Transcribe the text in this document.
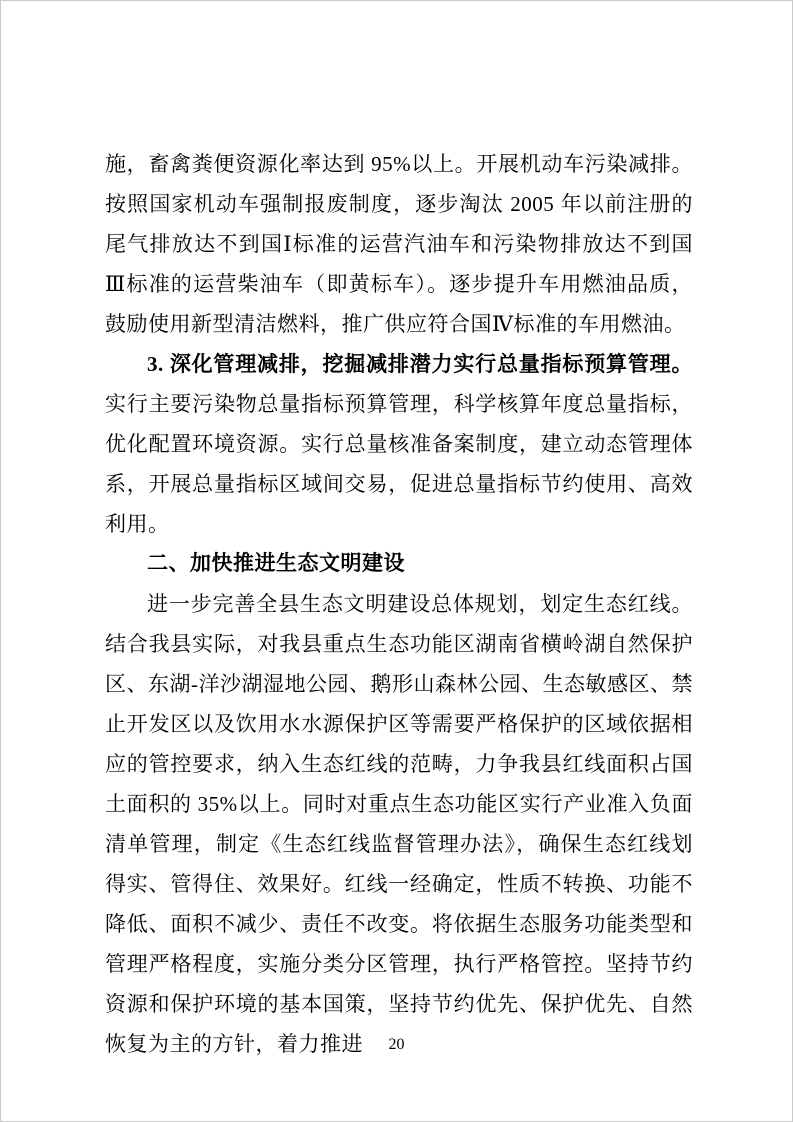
施，畜禽粪便资源化率达到 95%以上。开展机动车污染减排。按照国家机动车强制报废制度，逐步淘汰 2005 年以前注册的尾气排放达不到国Ⅰ标准的运营汽油车和污染物排放达不到国Ⅲ标准的运营柴油车（即黄标车）。逐步提升车用燃油品质，鼓励使用新型清洁燃料，推广供应符合国Ⅳ标准的车用燃油。

3. 深化管理减排，挖掘减排潜力实行总量指标预算管理。实行主要污染物总量指标预算管理，科学核算年度总量指标，优化配置环境资源。实行总量核准备案制度，建立动态管理体系，开展总量指标区域间交易，促进总量指标节约使用、高效利用。

二、加快推进生态文明建设

进一步完善全县生态文明建设总体规划，划定生态红线。结合我县实际，对我县重点生态功能区湖南省横岭湖自然保护区、东湖-洋沙湖湿地公园、鹅形山森林公园、生态敏感区、禁止开发区以及饮用水水源保护区等需要严格保护的区域依据相应的管控要求，纳入生态红线的范畴，力争我县红线面积占国土面积的 35%以上。同时对重点生态功能区实行产业准入负面清单管理，制定《生态红线监督管理办法》，确保生态红线划得实、管得住、效果好。红线一经确定，性质不转换、功能不降低、面积不减少、责任不改变。将依据生态服务功能类型和管理严格程度，实施分类分区管理，执行严格管控。坚持节约资源和保护环境的基本国策，坚持节约优先、保护优先、自然恢复为主的方针，着力推进	20
